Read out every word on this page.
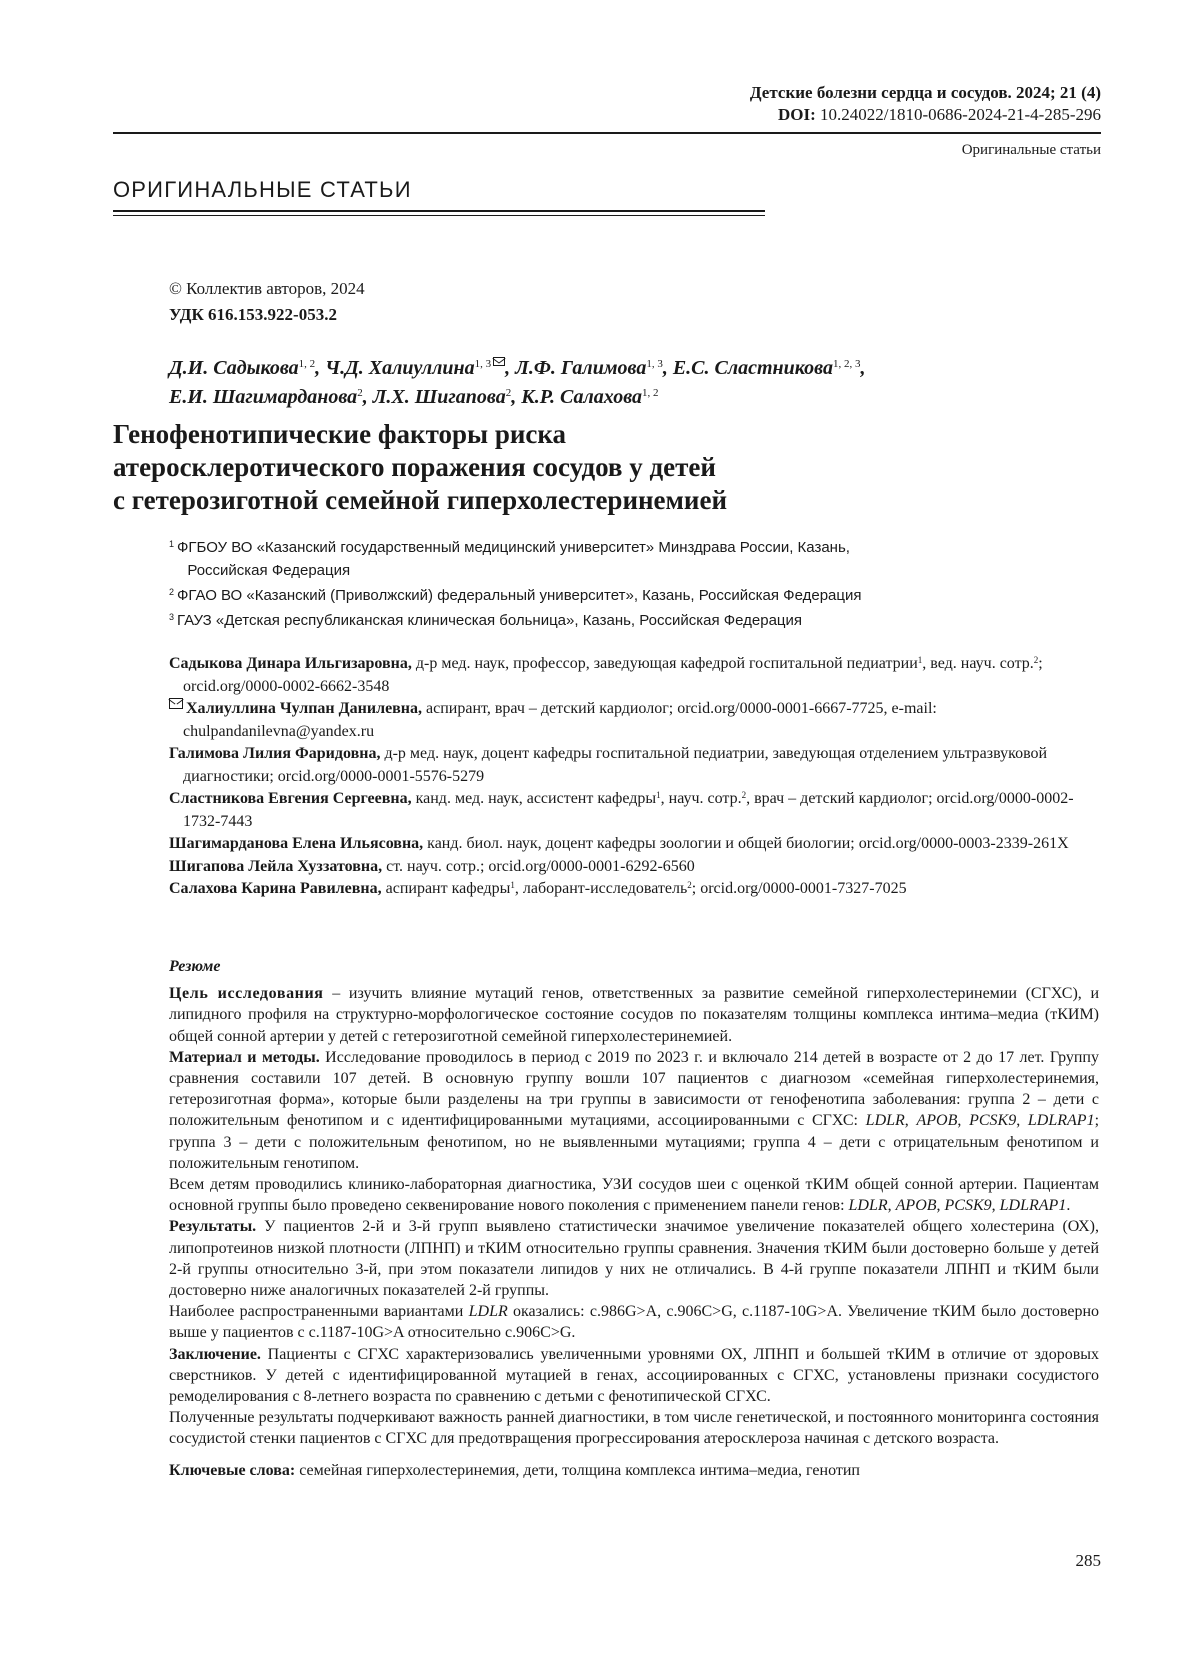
Детские болезни сердца и сосудов. 2024; 21 (4)
DOI: 10.24022/1810-0686-2024-21-4-285-296
Оригинальные статьи
ОРИГИНАЛЬНЫЕ СТАТЬИ
© Коллектив авторов, 2024
УДК 616.153.922-053.2
Д.И. Садыкова$^{1, 2}$, Ч.Д. Халиуллина$^{1, 3}$ , Л.Ф. Галимова$^{1, 3}$, Е.С. Сластникова$^{1, 2, 3}$,
Е.И. Шагимарданова$^2$, Л.Х. Шигапова$^2$, К.Р. Салахова$^{1, 2}$
Генофенотипические факторы риска
атеросклеротического поражения сосудов у детей
с гетерозиготной семейной гиперхолестеринемией
$^1$ ФГБОУ ВО «Казанский государственный медицинский университет» Минздрава России, Казань,
Российская Федерация
$^2$ ФГАО ВО «Казанский (Приволжский) федеральный университет», Казань, Российская Федерация
$^3$ ГАУЗ «Детская республиканская клиническая больница», Казань, Российская Федерация

Садыкова Динара Ильгизаровна, д-р мед. наук, профессор, заведующая кафедрой госпитальной педиатрии$^1$, вед. науч. сотр.$^2$; orcid.org/0000-0002-6662-3548

Халиуллина Чулпан Данилевна, аспирант, врач – детский кардиолог; orcid.org/0000-0001-6667-7725, e-mail: chulpandanilevna@yandex.ru

Галимова Лилия Фаридовна, д-р мед. наук, доцент кафедры госпитальной педиатрии, заведующая отделением ультразвуковой диагностики; orcid.org/0000-0001-5576-5279

Сластникова Евгения Сергеевна, канд. мед. наук, ассистент кафедры$^1$, науч. сотр.$^2$, врач – детский кардиолог; orcid.org/0000-0002-1732-7443

Шагимарданова Елена Ильясовна, канд. биол. наук, доцент кафедры зоологии и общей биологии; orcid.org/0000-0003-2339-261X

Шигапова Лейла Хуззатовна, ст. науч. сотр.; orcid.org/0000-0001-6292-6560

Салахова Карина Равилевна, аспирант кафедры$^1$, лаборант-исследователь$^2$; orcid.org/0000-0001-7327-7025

Резюме

Цель исследования – изучить влияние мутаций генов, ответственных за развитие семейной гиперхолестеринемии (СГХС), и липидного профиля на структурно-морфологическое состояние сосудов по показателям толщины комплекса интима–медиа (тКИМ) общей сонной артерии у детей с гетерозиготной семейной гиперхолестеринемией.

Материал и методы. Исследование проводилось в период с 2019 по 2023 г. и включало 214 детей в возрасте от 2 до 17 лет. Группу сравнения составили 107 детей. В основную группу вошли 107 пациентов с диагнозом «семейная гиперхолестеринемия, гетерозиготная форма», которые были разделены на три группы в зависимости от генофенотипа заболевания: группа 2 – дети с положительным фенотипом и с идентифицированными мутациями, ассоциированными с СГХС: LDLR, APOB, PCSK9, LDLRAP1; группа 3 – дети с положительным фенотипом, но не выявленными мутациями; группа 4 – дети с отрицательным фенотипом и положительным генотипом.

Всем детям проводились клинико-лабораторная диагностика, УЗИ сосудов шеи с оценкой тКИМ общей сонной артерии. Пациентам основной группы было проведено секвенирование нового поколения с применением панели генов: LDLR, APOB, PCSK9, LDLRAP1.

Результаты. У пациентов 2-й и 3-й групп выявлено статистически значимое увеличение показателей общего холестерина (ОХ), липопротеинов низкой плотности (ЛПНП) и тКИМ относительно группы сравнения. Значения тКИМ были достоверно больше у детей 2-й группы относительно 3-й, при этом показатели липидов у них не отличались. В 4-й группе показатели ЛПНП и тКИМ были достоверно ниже аналогичных показателей 2-й группы.

Наиболее распространенными вариантами LDLR оказались: c.986G>A, c.906C>G, c.1187-10G>A. Увеличение тКИМ было достоверно выше у пациентов с c.1187-10G>A относительно c.906C>G.

Заключение. Пациенты с СГХС характеризовались увеличенными уровнями ОХ, ЛПНП и большей тКИМ в отличие от здоровых сверстников. У детей с идентифицированной мутацией в генах, ассоциированных с СГХС, установлены признаки сосудистого ремоделирования с 8-летнего возраста по сравнению с детьми с фенотипической СГХС.

Полученные результаты подчеркивают важность ранней диагностики, в том числе генетической, и постоянного мониторинга состояния сосудистой стенки пациентов с СГХС для предотвращения прогрессирования атеросклероза начиная с детского возраста.

Ключевые слова: семейная гиперхолестеринемия, дети, толщина комплекса интима–медиа, генотип

285
